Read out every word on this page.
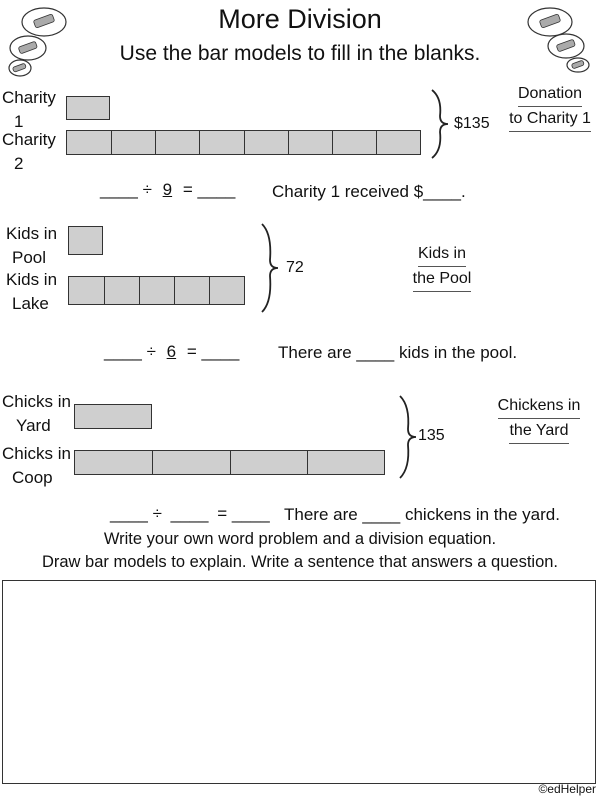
More Division
Use the bar models to fill in the blanks.
Charity
1
Charity
2
$135
Donation
to Charity 1
____ ÷ 9 = ____ Charity 1 received $____.
Kids in
Pool
Kids in
Lake
72
Kids in
the Pool
____ ÷ 6 = ____ There are ____ kids in the pool.
Chicks in
Yard
Chicks in
Coop
135
Chickens in
the Yard
____ ÷ ____ = ____ There are ____ chickens in the yard.
Write your own word problem and a division equation.
Draw bar models to explain. Write a sentence that answers a question.
©edHelper
